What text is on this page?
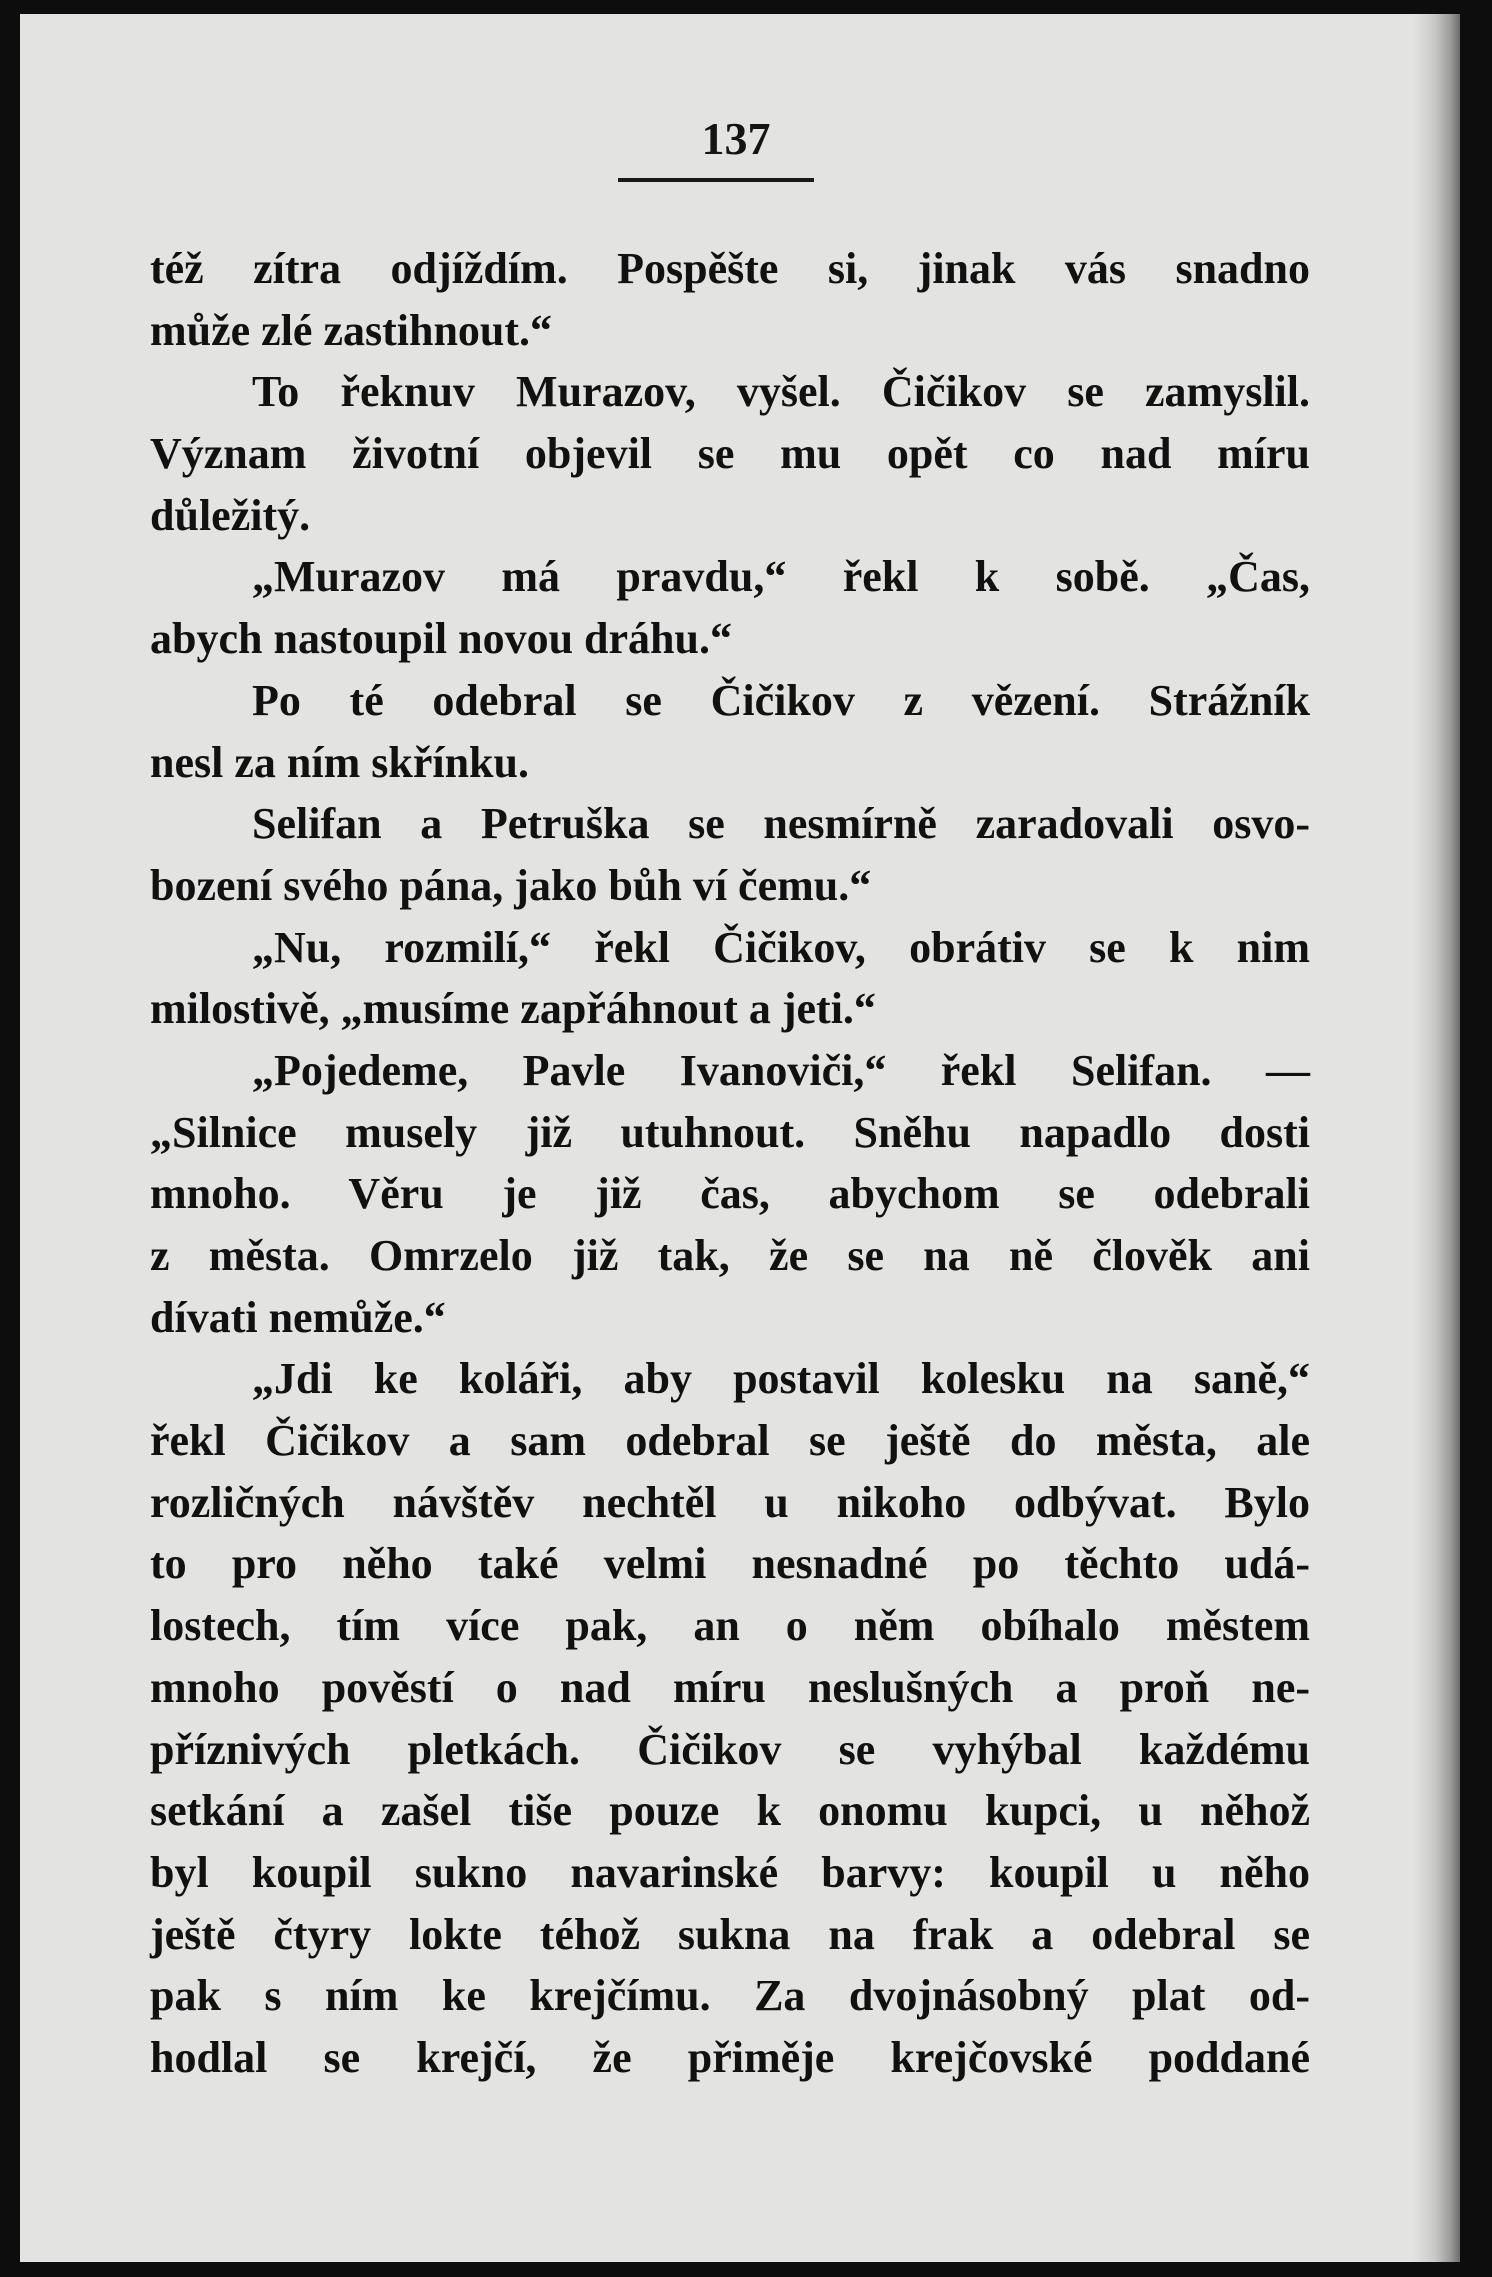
137
též zítra odjíždím. Pospěšte si, jinak vás snadno
může zlé zastihnout.“
To řeknuv Murazov, vyšel. Čičikov se zamyslil.
Význam životní objevil se mu opět co nad míru
důležitý.
„Murazov má pravdu,“ řekl k sobě. „Čas,
abych nastoupil novou dráhu.“
Po té odebral se Čičikov z vězení. Strážník
nesl za ním skřínku.
Selifan a Petruška se nesmírně zaradovali osvo-
bození svého pána, jako bůh ví čemu.“
„Nu, rozmilí,“ řekl Čičikov, obrátiv se k nim
milostivě, „musíme zapřáhnout a jeti.“
„Pojedeme, Pavle Ivanoviči,“ řekl Selifan. —
„Silnice musely již utuhnout. Sněhu napadlo dosti
mnoho. Věru je již čas, abychom se odebrali
z města. Omrzelo již tak, že se na ně člověk ani
dívati nemůže.“
„Jdi ke koláři, aby postavil kolesku na saně,“
řekl Čičikov a sam odebral se ještě do města, ale
rozličných návštěv nechtěl u nikoho odbývat. Bylo
to pro něho také velmi nesnadné po těchto udá-
lostech, tím více pak, an o něm obíhalo městem
mnoho pověstí o nad míru neslušných a proň ne-
příznivých pletkách. Čičikov se vyhýbal každému
setkání a zašel tiše pouze k onomu kupci, u něhož
byl koupil sukno navarinské barvy: koupil u něho
ještě čtyry lokte téhož sukna na frak a odebral se
pak s ním ke krejčímu. Za dvojnásobný plat od-
hodlal se krejčí, že přiměje krejčovské poddané
